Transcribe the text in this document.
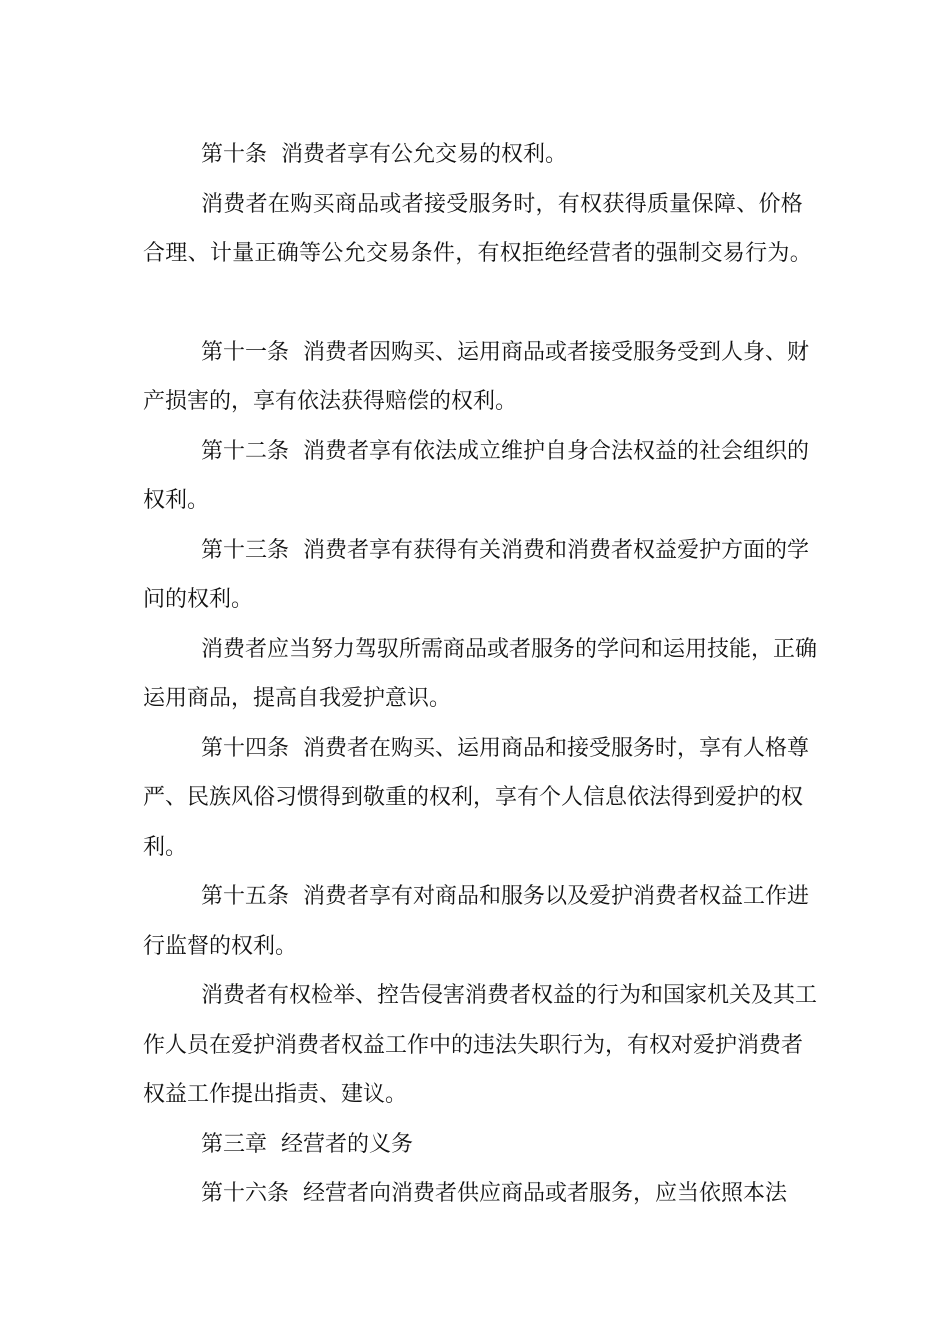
第十条  消费者享有公允交易的权利。

消费者在购买商品或者接受服务时，有权获得质量保障、价格合理、计量正确等公允交易条件，有权拒绝经营者的强制交易行为。

第十一条  消费者因购买、运用商品或者接受服务受到人身、财产损害的，享有依法获得赔偿的权利。

第十二条  消费者享有依法成立维护自身合法权益的社会组织的权利。

第十三条  消费者享有获得有关消费和消费者权益爱护方面的学问的权利。

消费者应当努力驾驭所需商品或者服务的学问和运用技能，正确运用商品，提高自我爱护意识。

第十四条  消费者在购买、运用商品和接受服务时，享有人格尊严、民族风俗习惯得到敬重的权利，享有个人信息依法得到爱护的权利。

第十五条  消费者享有对商品和服务以及爱护消费者权益工作进行监督的权利。

消费者有权检举、控告侵害消费者权益的行为和国家机关及其工作人员在爱护消费者权益工作中的违法失职行为，有权对爱护消费者权益工作提出指责、建议。

第三章  经营者的义务

第十六条  经营者向消费者供应商品或者服务，应当依照本法
